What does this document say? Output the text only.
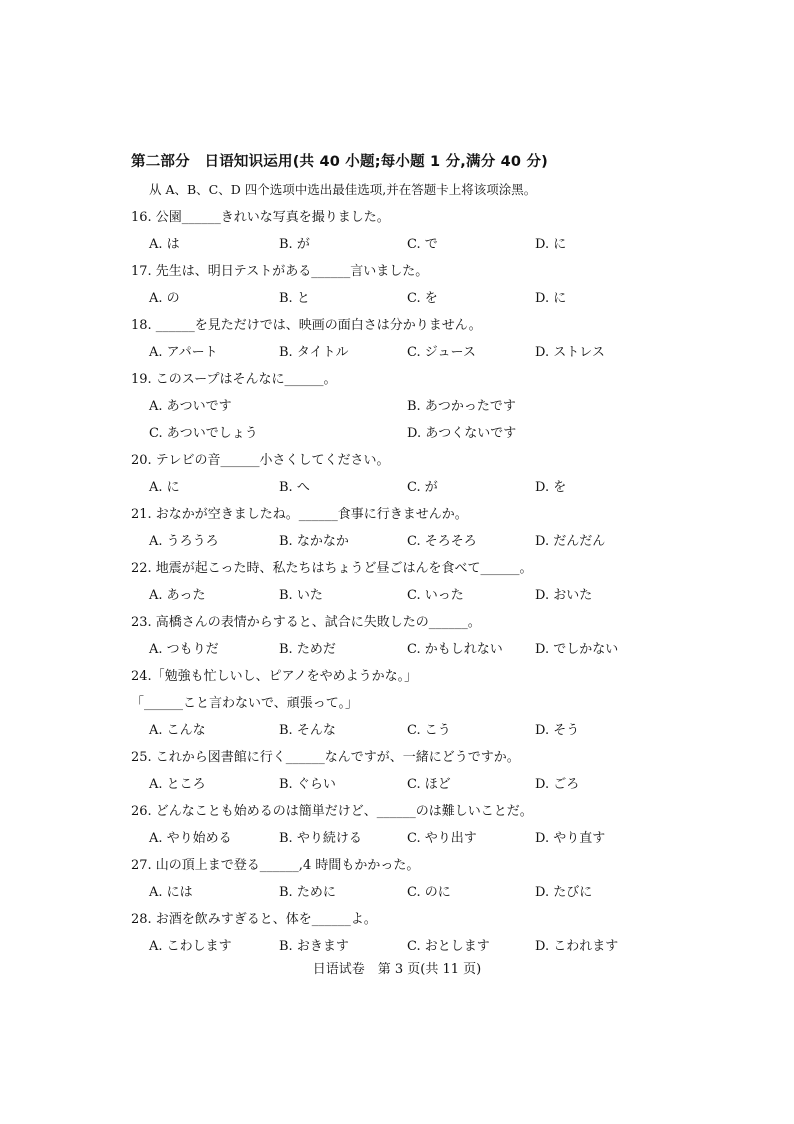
第二部分　日语知识运用(共 40 小题;每小题 1 分,满分 40 分)
从 A、B、C、D 四个选项中选出最佳选项,并在答题卡上将该项涂黑。
16. 公園______きれいな写真を撮りました。
A. は	B. が	C. で	D. に
17. 先生は、明日テストがある______言いました。
A. の	B. と	C. を	D. に
18. ______を見ただけでは、映画の面白さは分かりません。
A. アパート	B. タイトル	C. ジュース	D. ストレス
19. このスープはそんなに______。
A. あついです	B. あつかったです
C. あついでしょう	D. あつくないです
20. テレビの音______小さくしてください。
A. に	B. へ	C. が	D. を
21. おなかが空きましたね。______食事に行きませんか。
A. うろうろ	B. なかなか	C. そろそろ	D. だんだん
22. 地震が起こった時、私たちはちょうど昼ごはんを食べて______。
A. あった	B. いた	C. いった	D. おいた
23. 高橋さんの表情からすると、試合に失敗したの______。
A. つもりだ	B. ためだ	C. かもしれない D. でしかない
24.「勉強も忙しいし、ピアノをやめようかな。」
「______こと言わないで、頑張って。」
A. こんな	B. そんな	C. こう	D. そう
25. これから図書館に行く______なんですが、一緒にどうですか。
A. ところ	B. ぐらい	C. ほど	D. ごろ
26. どんなことも始めるのは簡単だけど、______のは難しいことだ。
A. やり始める	B. やり続ける	C. やり出す	D. やり直す
27. 山の頂上まで登る______,4 時間もかかった。
A. には	B. ために	C. のに	D. たびに
28. お酒を飲みすぎると、体を______よ。
A. こわします	B. おきます	C. おとします	D. こわれます
日语试卷　第 3 页(共 11 页)
